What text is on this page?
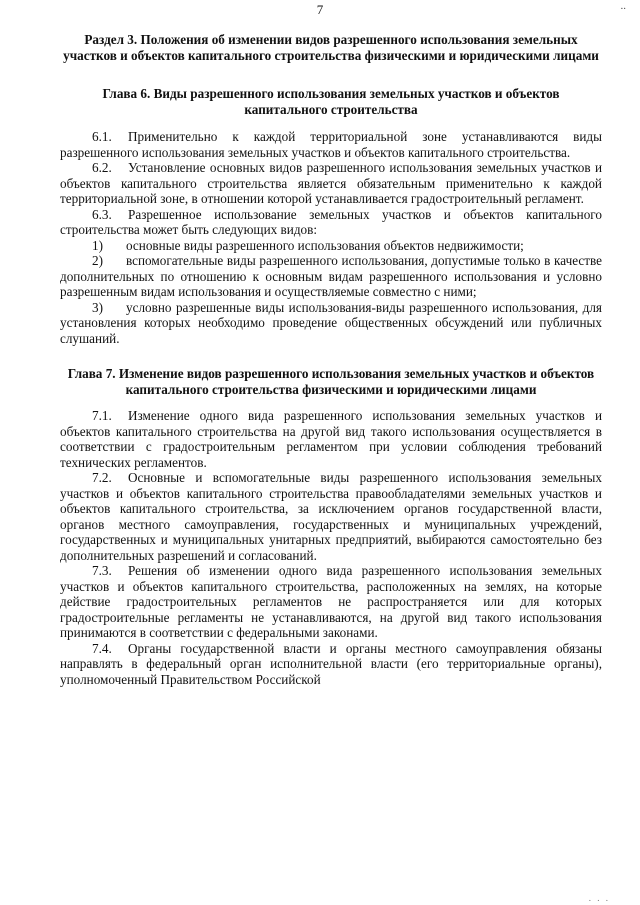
7	..

Раздел 3. Положения об изменении видов разрешенного использования земельных участков и объектов капитального строительства физическими и юридическими лицами

Глава 6. Виды разрешенного использования земельных участков и объектов капитального строительства

6.1. Применительно к каждой территориальной зоне устанавливаются виды разрешенного использования земельных участков и объектов капитального строительства.

6.2. Установление основных видов разрешенного использования земельных участков и объектов капитального строительства является обязательным применительно к каждой территориальной зоне, в отношении которой устанавливается градостроительный регламент.

6.3. Разрешенное использование земельных участков и объектов капитального строительства может быть следующих видов:

1) основные виды разрешенного использования объектов недвижимости;

2) вспомогательные виды разрешенного использования, допустимые только в качестве дополнительных по отношению к основным видам разрешенного использования и условно разрешенным видам использования и осуществляемые совместно с ними;

3) условно разрешенные виды использования-виды разрешенного использования, для установления которых необходимо проведение общественных обсуждений или публичных слушаний.

Глава 7. Изменение видов разрешенного использования земельных участков и объектов капитального строительства физическими и юридическими лицами

7.1. Изменение одного вида разрешенного использования земельных участков и объектов капитального строительства на другой вид такого использования осуществляется в соответствии с градостроительным регламентом при условии соблюдения требований технических регламентов.

7.2. Основные и вспомогательные виды разрешенного использования земельных участков и объектов капитального строительства правообладателями земельных участков и объектов капитального строительства, за исключением органов государственной власти, органов местного самоуправления, государственных и муниципальных учреждений, государственных и муниципальных унитарных предприятий, выбираются самостоятельно без дополнительных разрешений и согласований.

7.3. Решения об изменении одного вида разрешенного использования земельных участков и объектов капитального строительства, расположенных на землях, на которые действие градостроительных регламентов не распространяется или для которых градостроительные регламенты не устанавливаются, на другой вид такого использования принимаются в соответствии с федеральными законами.

7.4. Органы государственной власти и органы местного самоуправления обязаны направлять в федеральный орган исполнительной власти (его территориальные органы), уполномоченный Правительством Российской

. . .
